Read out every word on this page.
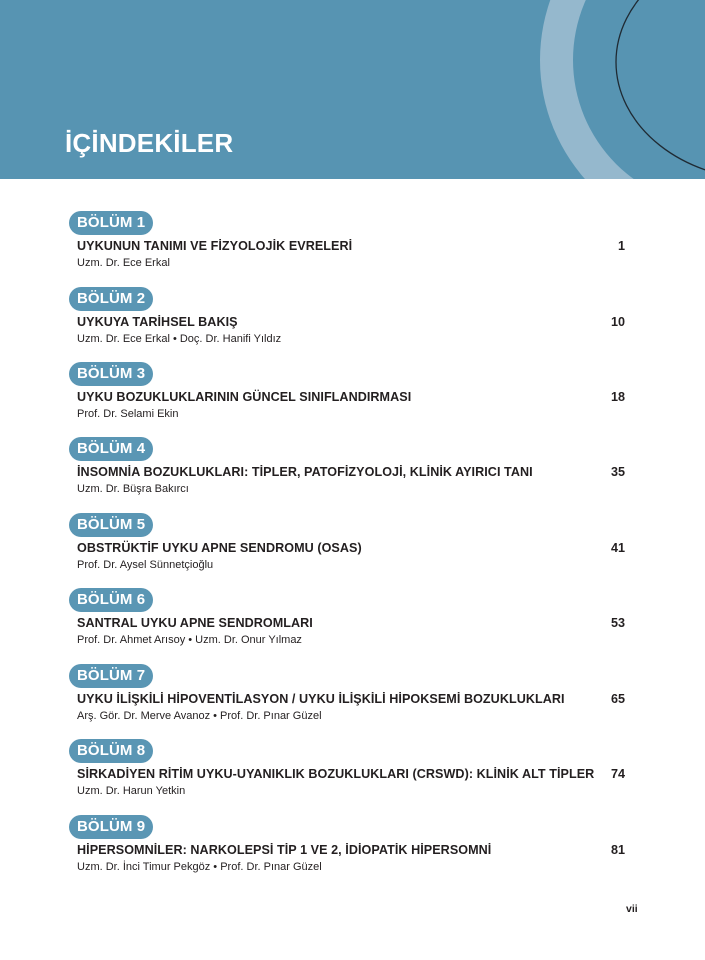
İÇİNDEKİLER
BÖLÜM 1
UYKUNUN TANIMI VE FİZYOLOJİK EVRELERİ
Uzm. Dr. Ece Erkal
1
BÖLÜM 2
UYKUYA TARİHSEL BAKIŞ
Uzm. Dr. Ece Erkal • Doç. Dr. Hanifi Yıldız
10
BÖLÜM 3
UYKU BOZUKLUKLARININ GÜNCEL SINIFLANDIRMASI
Prof. Dr. Selami Ekin
18
BÖLÜM 4
İNSOMNİA BOZUKLUKLARI: TİPLER, PATOFİZYOLOJİ, KLİNİK AYIRICI TANI
Uzm. Dr. Büşra Bakırcı
35
BÖLÜM 5
OBSTRÜKTİF UYKU APNE SENDROMU (OSAS)
Prof. Dr. Aysel Sünnetçioğlu
41
BÖLÜM 6
SANTRAL UYKU APNE SENDROMLARI
Prof. Dr. Ahmet Arısoy • Uzm. Dr. Onur Yılmaz
53
BÖLÜM 7
UYKU İLİŞKİLİ HİPOVENTİLASYON / UYKU İLİŞKİLİ HİPOKSEMİ BOZUKLUKLARI
Arş. Gör. Dr. Merve Avanoz • Prof. Dr. Pınar Güzel
65
BÖLÜM 8
SİRKADİYEN RİTİM UYKU-UYANIKLIK BOZUKLUKLARI (CRSWD): KLİNİK ALT TİPLER
Uzm. Dr. Harun Yetkin
74
BÖLÜM 9
HİPERSOMNİLER: NARKOLEPSİ TİP 1 VE 2, İDİOPATİK HİPERSOMNİ
Uzm. Dr. İnci Timur Pekgöz • Prof. Dr. Pınar Güzel
81
vii
